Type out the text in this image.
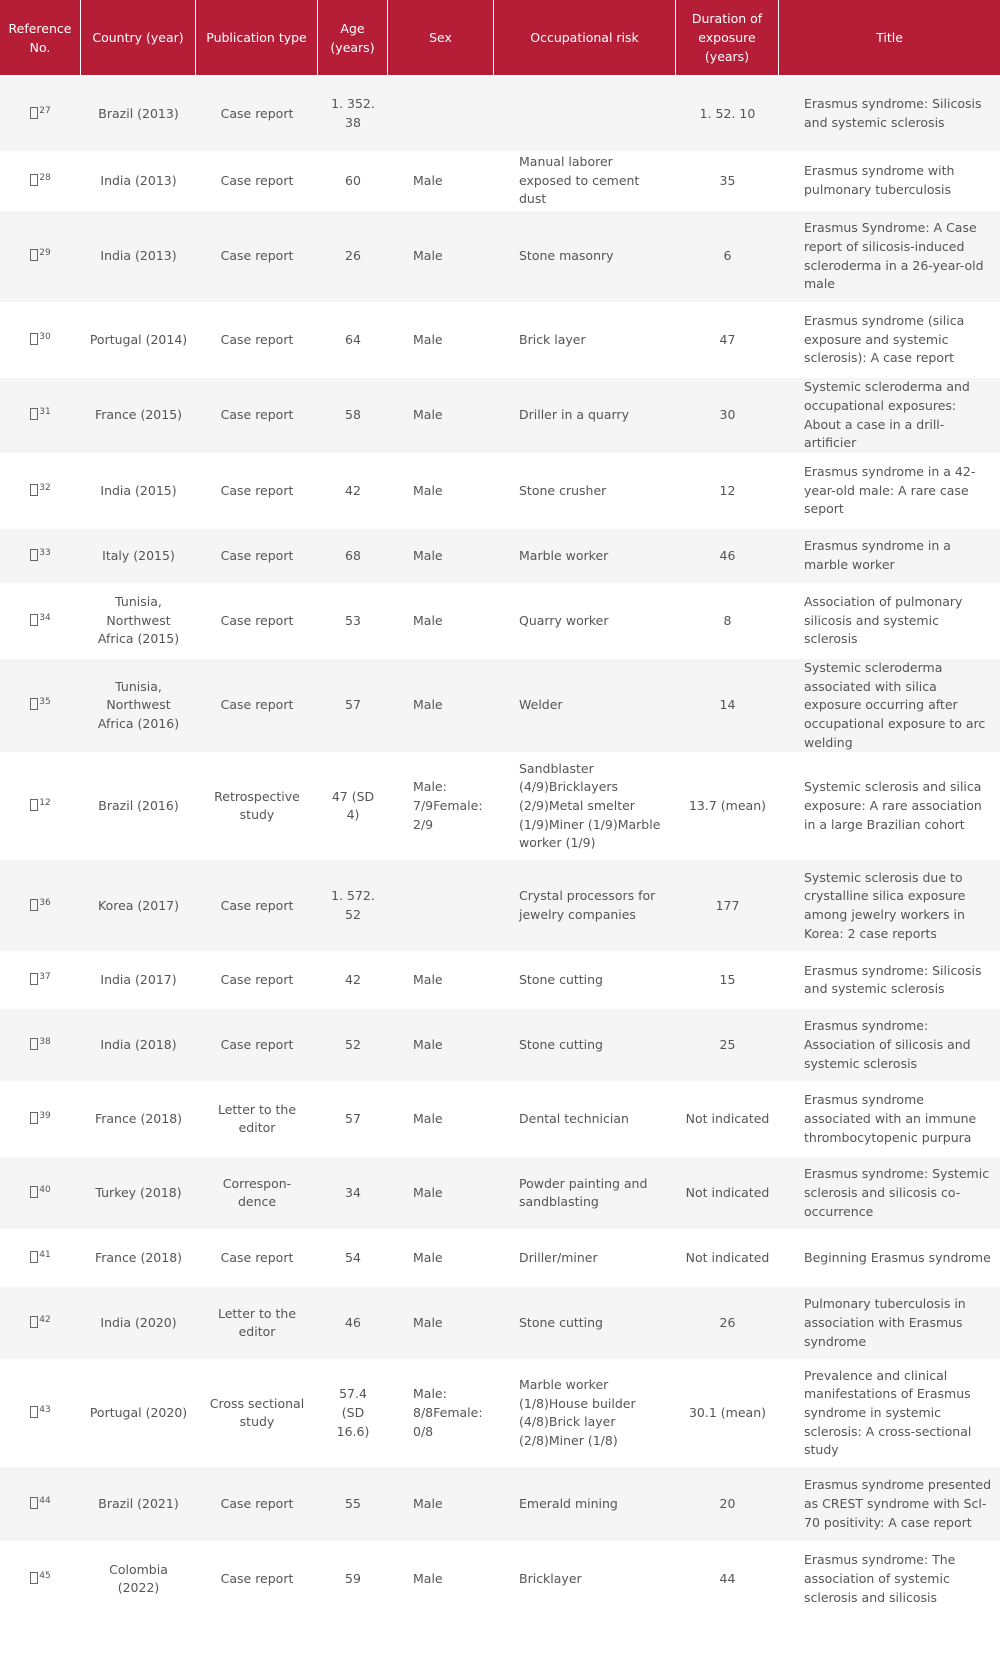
Reference No.	Country (year)	Publication type	Age (years)	Sex	Occupational risk	Duration of exposure (years)	Title
$^{27}$	Brazil (2013)	Case report	1. 352. 38			1. 52. 10	Erasmus syndrome: Silicosis and systemic sclerosis
$^{28}$	India (2013)	Case report	60	Male	Manual laborer exposed to cement dust	35	Erasmus syndrome with pulmonary tuberculosis
$^{29}$	India (2013)	Case report	26	Male	Stone masonry	6	Erasmus Syndrome: A Case report of silicosis-induced scleroderma in a 26-year-old male
$^{30}$	Portugal (2014)	Case report	64	Male	Brick layer	47	Erasmus syndrome (silica exposure and systemic sclerosis): A case report
$^{31}$	France (2015)	Case report	58	Male	Driller in a quarry	30	Systemic scleroderma and occupational exposures: About a case in a drill-artificier
$^{32}$	India (2015)	Case report	42	Male	Stone crusher	12	Erasmus syndrome in a 42-year-old male: A rare case seport
$^{33}$	Italy (2015)	Case report	68	Male	Marble worker	46	Erasmus syndrome in a marble worker
$^{34}$	Tunisia, Northwest Africa (2015)	Case report	53	Male	Quarry worker	8	Association of pulmonary silicosis and systemic sclerosis
$^{35}$	Tunisia, Northwest Africa (2016)	Case report	57	Male	Welder	14	Systemic scleroderma associated with silica exposure occurring after occupational exposure to arc welding
$^{12}$	Brazil (2016)	Retrospective study	47 (SD 4)	Male: 7/9Female: 2/9	Sandblaster (4/9)Bricklayers (2/9)Metal smelter (1/9)Miner (1/9)Marble worker (1/9)	13.7 (mean)	Systemic sclerosis and silica exposure: A rare association in a large Brazilian cohort
$^{36}$	Korea (2017)	Case report	1. 572. 52		Crystal processors for jewelry companies	177	Systemic sclerosis due to crystalline silica exposure among jewelry workers in Korea: 2 case reports
$^{37}$	India (2017)	Case report	42	Male	Stone cutting	15	Erasmus syndrome: Silicosis and systemic sclerosis
$^{38}$	India (2018)	Case report	52	Male	Stone cutting	25	Erasmus syndrome: Association of silicosis and systemic sclerosis
$^{39}$	France (2018)	Letter to the editor	57	Male	Dental technician	Not indicated	Erasmus syndrome associated with an immune thrombocytopenic purpura
$^{40}$	Turkey (2018)	Correspon-dence	34	Male	Powder painting and sandblasting	Not indicated	Erasmus syndrome: Systemic sclerosis and silicosis co-occurrence
$^{41}$	France (2018)	Case report	54	Male	Driller/miner	Not indicated	Beginning Erasmus syndrome
$^{42}$	India (2020)	Letter to the editor	46	Male	Stone cutting	26	Pulmonary tuberculosis in association with Erasmus syndrome
$^{43}$	Portugal (2020)	Cross sectional study	57.4 (SD 16.6)	Male: 8/8Female: 0/8	Marble worker (1/8)House builder (4/8)Brick layer (2/8)Miner (1/8)	30.1 (mean)	Prevalence and clinical manifestations of Erasmus syndrome in systemic sclerosis: A cross-sectional study
$^{44}$	Brazil (2021)	Case report	55	Male	Emerald mining	20	Erasmus syndrome presented as CREST syndrome with Scl-70 positivity: A case report
$^{45}$	Colombia (2022)	Case report	59	Male	Bricklayer	44	Erasmus syndrome: The association of systemic sclerosis and silicosis
